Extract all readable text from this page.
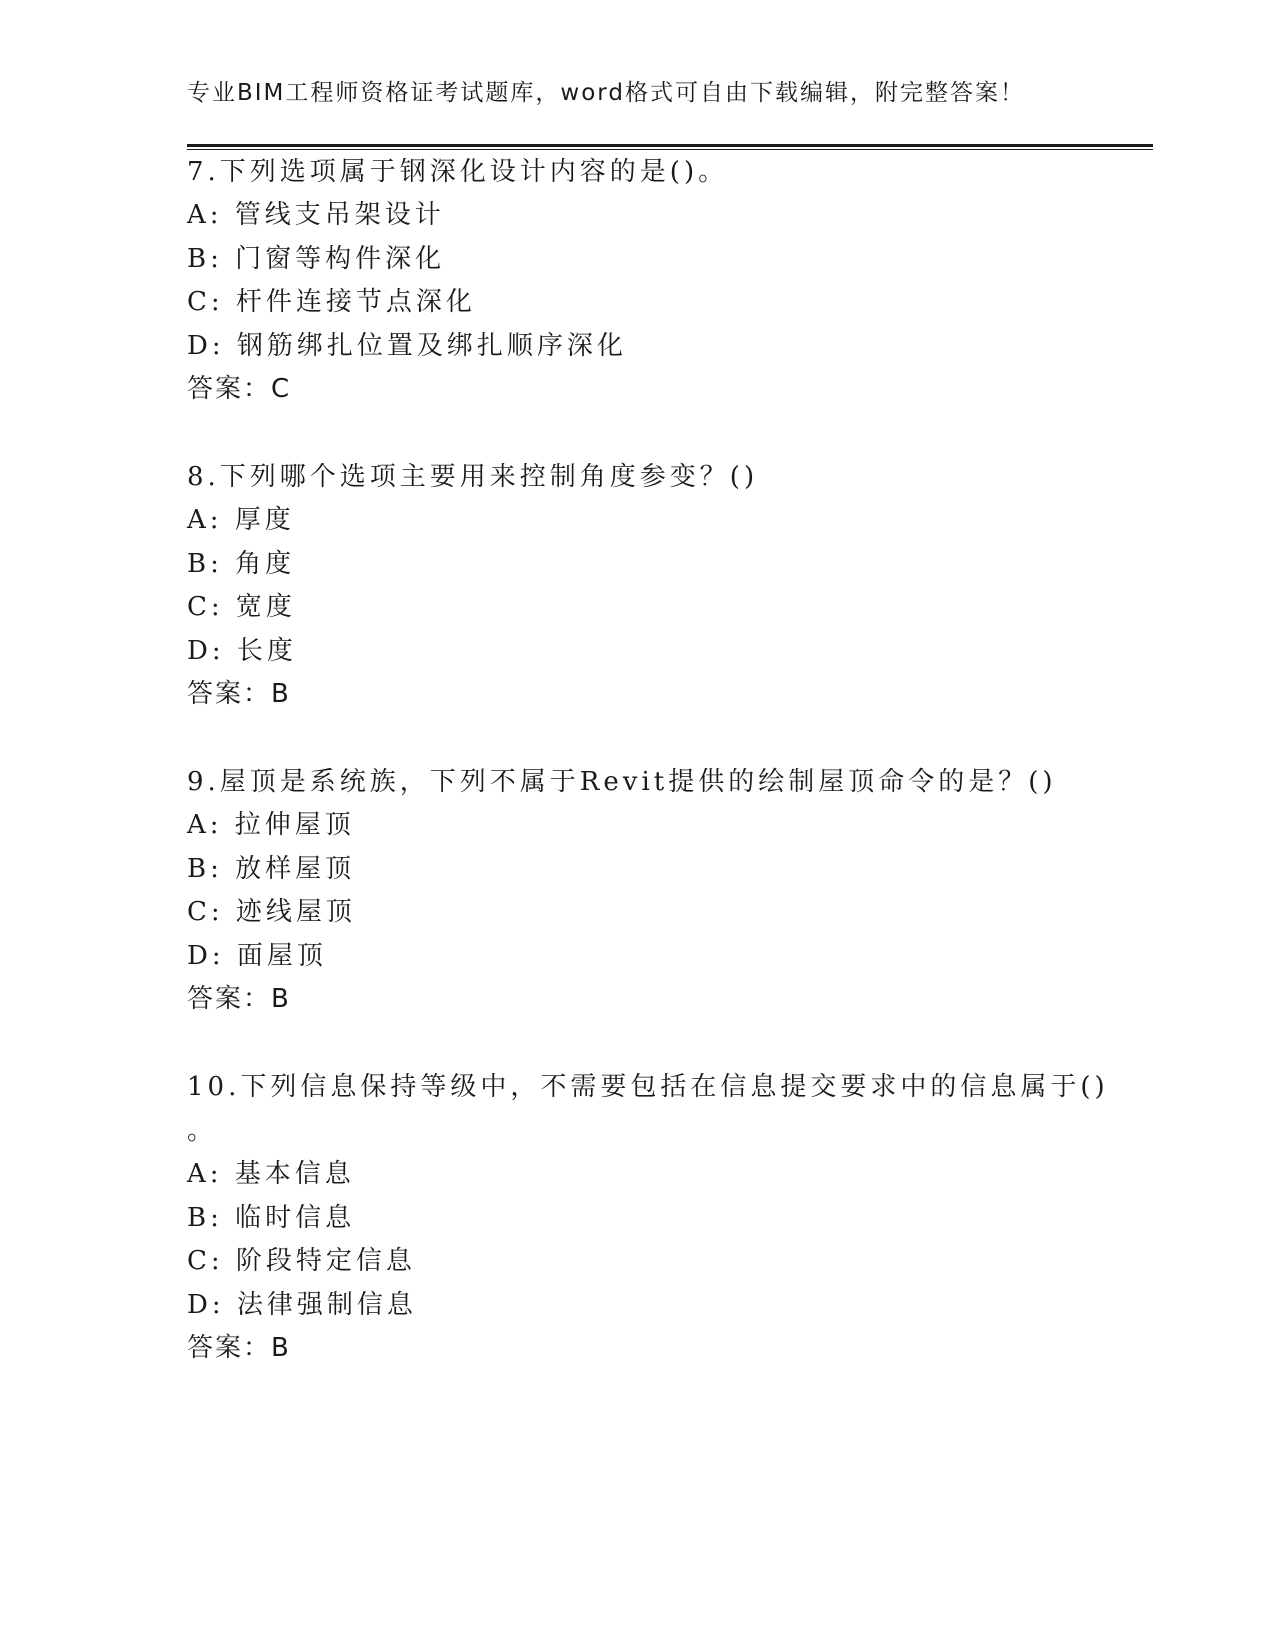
专业BIM工程师资格证考试题库，word格式可自由下载编辑，附完整答案！
7.下列选项属于钢深化设计内容的是()。
A: 管线支吊架设计
B: 门窗等构件深化
C: 杆件连接节点深化
D: 钢筋绑扎位置及绑扎顺序深化
答案：C
8.下列哪个选项主要用来控制角度参变？()
A: 厚度
B: 角度
C: 宽度
D: 长度
答案：B
9.屋顶是系统族，下列不属于Revit提供的绘制屋顶命令的是？()
A: 拉伸屋顶
B: 放样屋顶
C: 迹线屋顶
D: 面屋顶
答案：B
10.下列信息保持等级中，不需要包括在信息提交要求中的信息属于()
。
A: 基本信息
B: 临时信息
C: 阶段特定信息
D: 法律强制信息
答案：B
